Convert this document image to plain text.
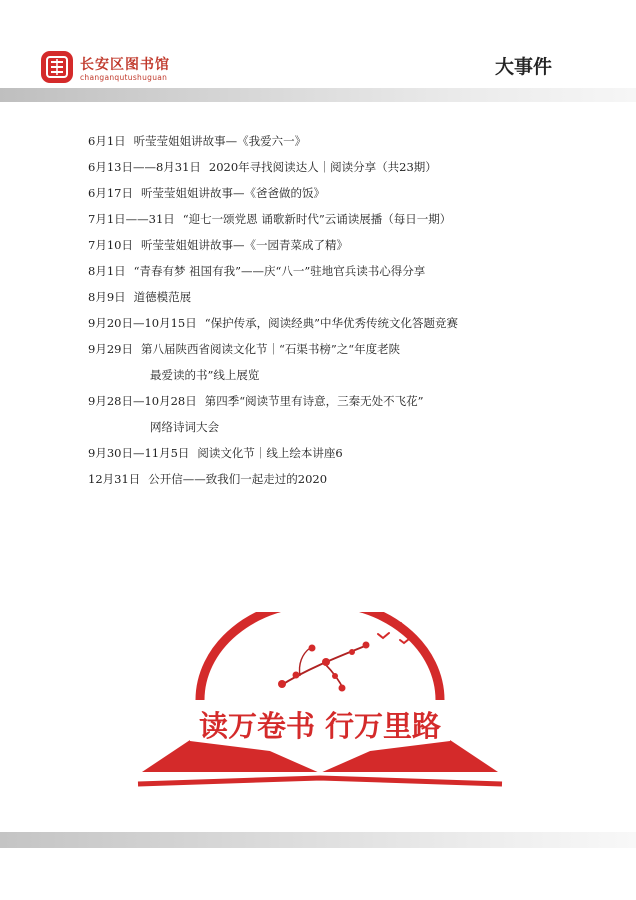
长安区图书馆
changanqutushuguan	大事件

6月1日 听莹莹姐姐讲故事—《我爱六一》

6月13日——8月31日 2020年寻找阅读达人｜阅读分享（共23期）

6月17日 听莹莹姐姐讲故事—《爸爸做的饭》

7月1日——31日 “迎七一颂党恩 诵歌新时代”云诵读展播（每日一期）

7月10日 听莹莹姐姐讲故事—《一园青菜成了精》

8月1日 “青春有梦 祖国有我”——庆“八一”驻地官兵读书心得分享

8月9日 道德模范展

9月20日—10月15日 “保护传承，阅读经典”中华优秀传统文化答题竞赛

9月29日 第八届陕西省阅读文化节｜“石渠书榜”之“年度老陕

最爱读的书”线上展览

9月28日—10月28日 第四季“阅读节里有诗意，三秦无处不飞花”

网络诗词大会

9月30日—11月5日 阅读文化节｜线上绘本讲座6

12月31日 公开信——致我们一起走过的2020

读万卷书 行万里路
